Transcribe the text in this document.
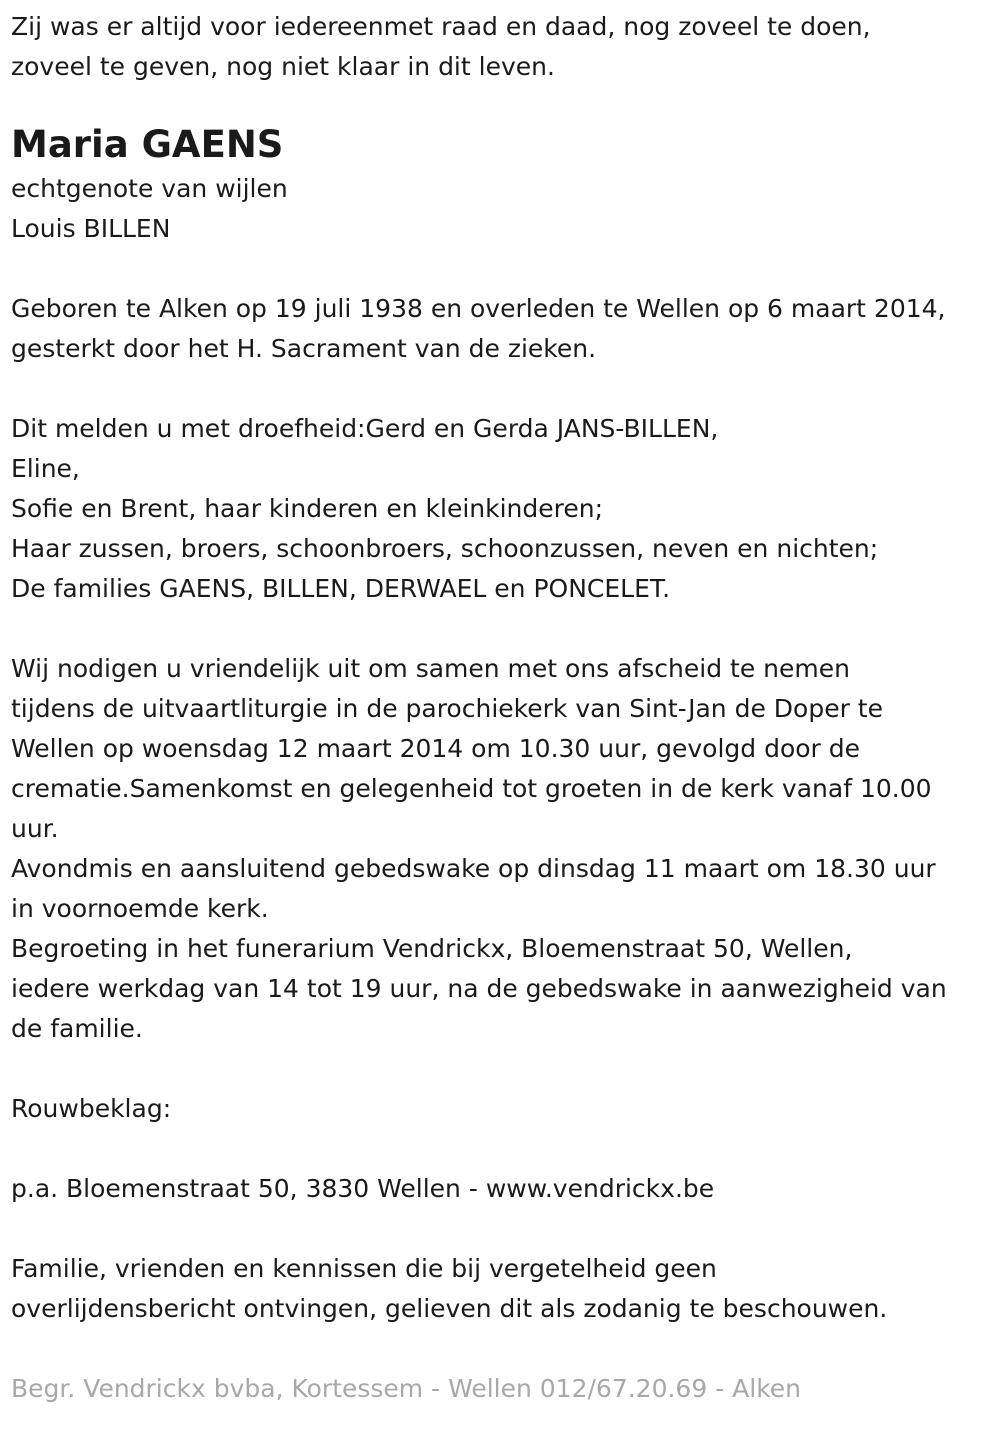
Zij was er altijd voor iedereenmet raad en daad, nog zoveel te doen,
zoveel te geven, nog niet klaar in dit leven.
Maria GAENS
echtgenote van wijlen
Louis BILLEN
Geboren te Alken op 19 juli 1938 en overleden te Wellen op 6 maart 2014,
gesterkt door het H. Sacrament van de zieken.
Dit melden u met droefheid:Gerd en Gerda JANS-BILLEN,
Eline,
Sofie en Brent, haar kinderen en kleinkinderen;
Haar zussen, broers, schoonbroers, schoonzussen, neven en nichten;
De families GAENS, BILLEN, DERWAEL en PONCELET.
Wij nodigen u vriendelijk uit om samen met ons afscheid te nemen
tijdens de uitvaartliturgie in de parochiekerk van Sint-Jan de Doper te
Wellen op woensdag 12 maart 2014 om 10.30 uur, gevolgd door de
crematie.Samenkomst en gelegenheid tot groeten in de kerk vanaf 10.00
uur.
Avondmis en aansluitend gebedswake op dinsdag 11 maart om 18.30 uur
in voornoemde kerk.
Begroeting in het funerarium Vendrickx, Bloemenstraat 50, Wellen,
iedere werkdag van 14 tot 19 uur, na de gebedswake in aanwezigheid van
de familie.
Rouwbeklag:
p.a. Bloemenstraat 50, 3830 Wellen - www.vendrickx.be
Familie, vrienden en kennissen die bij vergetelheid geen
overlijdensbericht ontvingen, gelieven dit als zodanig te beschouwen.
Begr. Vendrickx bvba, Kortessem - Wellen 012/67.20.69 - Alken
